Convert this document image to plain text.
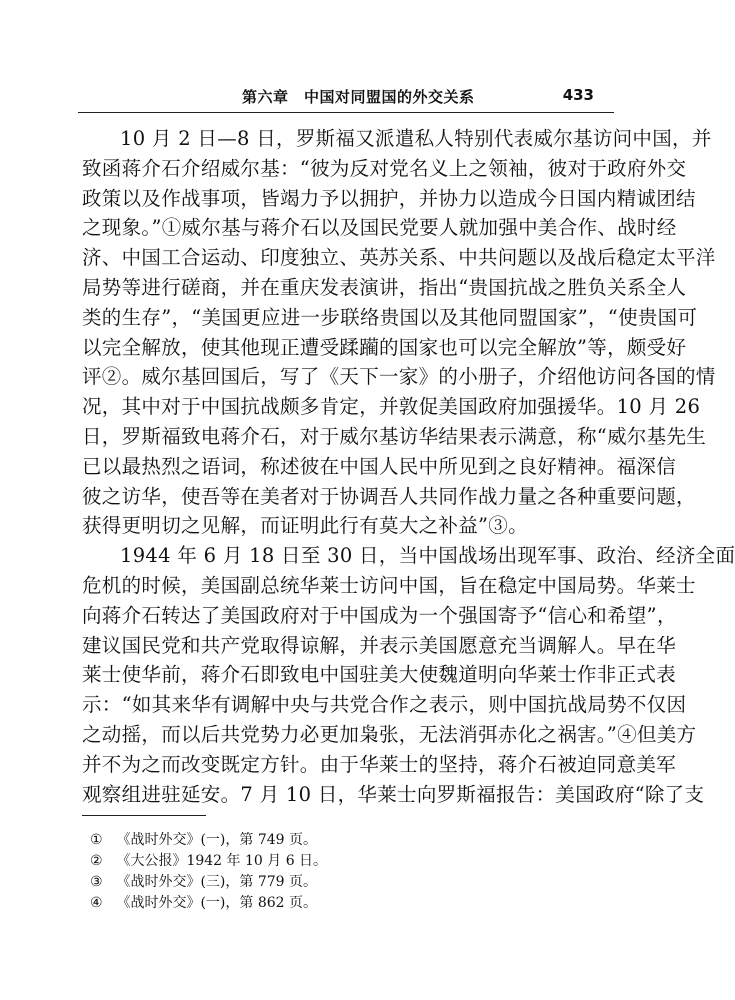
第六章　中国对同盟国的外交关系	433
10 月 2 日—8 日，罗斯福又派遣私人特别代表威尔基访问中国，并
致函蒋介石介绍威尔基：“彼为反对党名义上之领袖，彼对于政府外交
政策以及作战事项，皆竭力予以拥护，并协力以造成今日国内精诚团结
之现象。”①威尔基与蒋介石以及国民党要人就加强中美合作、战时经
济、中国工合运动、印度独立、英苏关系、中共问题以及战后稳定太平洋
局势等进行磋商，并在重庆发表演讲，指出“贵国抗战之胜负关系全人
类的生存”，“美国更应进一步联络贵国以及其他同盟国家”，“使贵国可
以完全解放，使其他现正遭受蹂躏的国家也可以完全解放”等，颇受好
评②。威尔基回国后，写了《天下一家》的小册子，介绍他访问各国的情
况，其中对于中国抗战颇多肯定，并敦促美国政府加强援华。10 月 26
日，罗斯福致电蒋介石，对于威尔基访华结果表示满意，称“威尔基先生
已以最热烈之语词，称述彼在中国人民中所见到之良好精神。福深信
彼之访华，使吾等在美者对于协调吾人共同作战力量之各种重要问题，
获得更明切之见解，而证明此行有莫大之补益”③。
1944 年 6 月 18 日至 30 日，当中国战场出现军事、政治、经济全面
危机的时候，美国副总统华莱士访问中国，旨在稳定中国局势。华莱士
向蒋介石转达了美国政府对于中国成为一个强国寄予“信心和希望”，
建议国民党和共产党取得谅解，并表示美国愿意充当调解人。早在华
莱士使华前，蒋介石即致电中国驻美大使魏道明向华莱士作非正式表
示：“如其来华有调解中央与共党合作之表示，则中国抗战局势不仅因
之动摇，而以后共党势力必更加枭张，无法消弭赤化之祸害。”④但美方
并不为之而改变既定方针。由于华莱士的坚持，蒋介石被迫同意美军
观察组进驻延安。7 月 10 日，华莱士向罗斯福报告：美国政府“除了支
① 《战时外交》(一)，第 749 页。
② 《大公报》1942 年 10 月 6 日。
③ 《战时外交》(三)，第 779 页。
④ 《战时外交》(一)，第 862 页。
